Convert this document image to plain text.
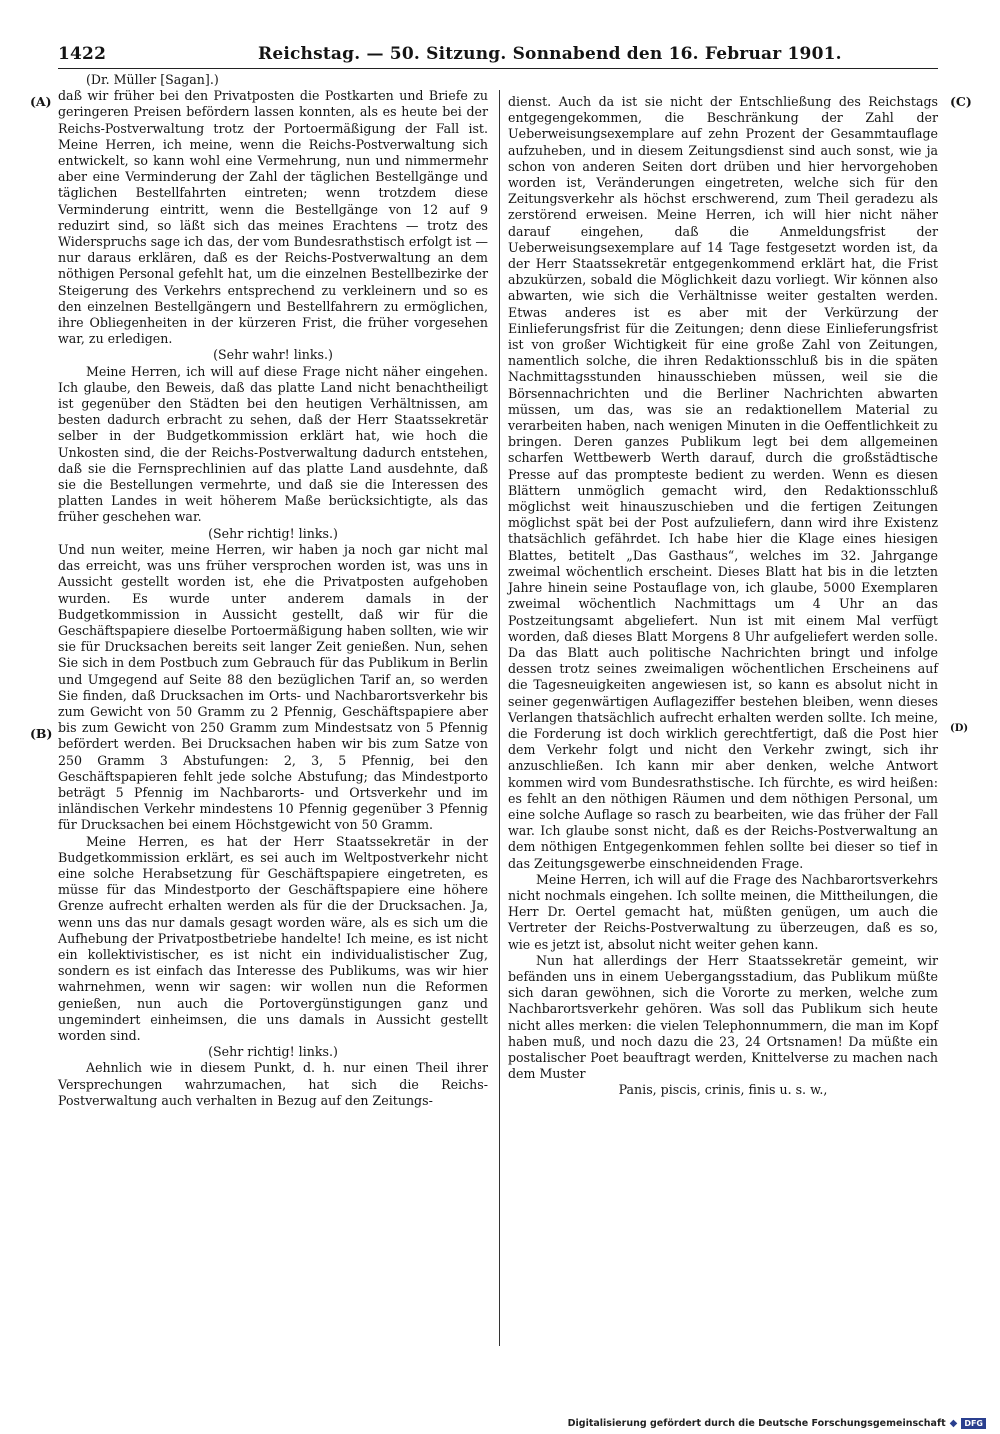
1422	Reichstag. — 50. Sitzung. Sonnabend den 16. Februar 1901.
(A)
(B)
(C)
(D)

(Dr. Müller [Sagan].)

daß wir früher bei den Privatposten die Postkarten und Briefe zu geringeren Preisen befördern lassen konnten, als es heute bei der Reichs-Postverwaltung trotz der Portoermäßigung der Fall ist. Meine Herren, ich meine, wenn die Reichs-Postverwaltung sich entwickelt, so kann wohl eine Vermehrung, nun und nimmermehr aber eine Verminderung der Zahl der täglichen Bestellgänge und täglichen Bestellfahrten eintreten; wenn trotzdem diese Verminderung eintritt, wenn die Bestellgänge von 12 auf 9 reduzirt sind, so läßt sich das meines Erachtens — trotz des Widerspruchs sage ich das, der vom Bundesrathstisch erfolgt ist — nur daraus erklären, daß es der Reichs-Postverwaltung an dem nöthigen Personal gefehlt hat, um die einzelnen Bestellbezirke der Steigerung des Verkehrs entsprechend zu verkleinern und so es den einzelnen Bestellgängern und Bestellfahrern zu ermöglichen, ihre Obliegenheiten in der kürzeren Frist, die früher vorgesehen war, zu erledigen.

(Sehr wahr! links.)

Meine Herren, ich will auf diese Frage nicht näher eingehen. Ich glaube, den Beweis, daß das platte Land nicht benachtheiligt ist gegenüber den Städten bei den heutigen Verhältnissen, am besten dadurch erbracht zu sehen, daß der Herr Staatssekretär selber in der Budgetkommission erklärt hat, wie hoch die Unkosten sind, die der Reichs-Postverwaltung dadurch entstehen, daß sie die Fernsprechlinien auf das platte Land ausdehnte, daß sie die Bestellungen vermehrte, und daß sie die Interessen des platten Landes in weit höherem Maße berücksichtigte, als das früher geschehen war.

(Sehr richtig! links.)

Und nun weiter, meine Herren, wir haben ja noch gar nicht mal das erreicht, was uns früher versprochen worden ist, was uns in Aussicht gestellt worden ist, ehe die Privatposten aufgehoben wurden. Es wurde unter anderem damals in der Budgetkommission in Aussicht gestellt, daß wir für die Geschäftspapiere dieselbe Portoermäßigung haben sollten, wie wir sie für Drucksachen bereits seit langer Zeit genießen. Nun, sehen Sie sich in dem Postbuch zum Gebrauch für das Publikum in Berlin und Umgegend auf Seite 88 den bezüglichen Tarif an, so werden Sie finden, daß Drucksachen im Orts- und Nachbarortsverkehr bis zum Gewicht von 50 Gramm zu 2 Pfennig, Geschäftspapiere aber bis zum Gewicht von 250 Gramm zum Mindestsatz von 5 Pfennig befördert werden. Bei Drucksachen haben wir bis zum Satze von 250 Gramm 3 Abstufungen: 2, 3, 5 Pfennig, bei den Geschäftspapieren fehlt jede solche Abstufung; das Mindestporto beträgt 5 Pfennig im Nachbarorts- und Ortsverkehr und im inländischen Verkehr mindestens 10 Pfennig gegenüber 3 Pfennig für Drucksachen bei einem Höchstgewicht von 50 Gramm.

Meine Herren, es hat der Herr Staatssekretär in der Budgetkommission erklärt, es sei auch im Weltpostverkehr nicht eine solche Herabsetzung für Geschäftspapiere eingetreten, es müsse für das Mindestporto der Geschäftspapiere eine höhere Grenze aufrecht erhalten werden als für die der Drucksachen. Ja, wenn uns das nur damals gesagt worden wäre, als es sich um die Aufhebung der Privatpostbetriebe handelte! Ich meine, es ist nicht ein kollektivistischer, es ist nicht ein individualistischer Zug, sondern es ist einfach das Interesse des Publikums, was wir hier wahrnehmen, wenn wir sagen: wir wollen nun die Reformen genießen, nun auch die Portovergünstigungen ganz und ungemindert einheimsen, die uns damals in Aussicht gestellt worden sind.

(Sehr richtig! links.)

Aehnlich wie in diesem Punkt, d. h. nur einen Theil ihrer Versprechungen wahrzumachen, hat sich die Reichs-Postverwaltung auch verhalten in Bezug auf den Zeitungs-

dienst. Auch da ist sie nicht der Entschließung des Reichstags entgegengekommen, die Beschränkung der Zahl der Ueberweisungsexemplare auf zehn Prozent der Gesammtauflage aufzuheben, und in diesem Zeitungsdienst sind auch sonst, wie ja schon von anderen Seiten dort drüben und hier hervorgehoben worden ist, Veränderungen eingetreten, welche sich für den Zeitungsverkehr als höchst erschwerend, zum Theil geradezu als zerstörend erweisen. Meine Herren, ich will hier nicht näher darauf eingehen, daß die Anmeldungsfrist der Ueberweisungsexemplare auf 14 Tage festgesetzt worden ist, da der Herr Staatssekretär entgegenkommend erklärt hat, die Frist abzukürzen, sobald die Möglichkeit dazu vorliegt. Wir können also abwarten, wie sich die Verhältnisse weiter gestalten werden. Etwas anderes ist es aber mit der Verkürzung der Einlieferungsfrist für die Zeitungen; denn diese Einlieferungsfrist ist von großer Wichtigkeit für eine große Zahl von Zeitungen, namentlich solche, die ihren Redaktionsschluß bis in die späten Nachmittagsstunden hinausschieben müssen, weil sie die Börsennachrichten und die Berliner Nachrichten abwarten müssen, um das, was sie an redaktionellem Material zu verarbeiten haben, nach wenigen Minuten in die Oeffentlichkeit zu bringen. Deren ganzes Publikum legt bei dem allgemeinen scharfen Wettbewerb Werth darauf, durch die großstädtische Presse auf das prompteste bedient zu werden. Wenn es diesen Blättern unmöglich gemacht wird, den Redaktionsschluß möglichst weit hinauszuschieben und die fertigen Zeitungen möglichst spät bei der Post aufzuliefern, dann wird ihre Existenz thatsächlich gefährdet. Ich habe hier die Klage eines hiesigen Blattes, betitelt „Das Gasthaus“, welches im 32. Jahrgange zweimal wöchentlich erscheint. Dieses Blatt hat bis in die letzten Jahre hinein seine Postauflage von, ich glaube, 5000 Exemplaren zweimal wöchentlich Nachmittags um 4 Uhr an das Postzeitungsamt abgeliefert. Nun ist mit einem Mal verfügt worden, daß dieses Blatt Morgens 8 Uhr aufgeliefert werden solle. Da das Blatt auch politische Nachrichten bringt und infolge dessen trotz seines zweimaligen wöchentlichen Erscheinens auf die Tagesneuigkeiten angewiesen ist, so kann es absolut nicht in seiner gegenwärtigen Auflageziffer bestehen bleiben, wenn dieses Verlangen thatsächlich aufrecht erhalten werden sollte. Ich meine, die Forderung ist doch wirklich gerechtfertigt, daß die Post hier dem Verkehr folgt und nicht den Verkehr zwingt, sich ihr anzuschließen. Ich kann mir aber denken, welche Antwort kommen wird vom Bundesrathstische. Ich fürchte, es wird heißen: es fehlt an den nöthigen Räumen und dem nöthigen Personal, um eine solche Auflage so rasch zu bearbeiten, wie das früher der Fall war. Ich glaube sonst nicht, daß es der Reichs-Postverwaltung an dem nöthigen Entgegenkommen fehlen sollte bei dieser so tief in das Zeitungsgewerbe einschneidenden Frage.

Meine Herren, ich will auf die Frage des Nachbarortsverkehrs nicht nochmals eingehen. Ich sollte meinen, die Mittheilungen, die Herr Dr. Oertel gemacht hat, müßten genügen, um auch die Vertreter der Reichs-Postverwaltung zu überzeugen, daß es so, wie es jetzt ist, absolut nicht weiter gehen kann.

Nun hat allerdings der Herr Staatssekretär gemeint, wir befänden uns in einem Uebergangsstadium, das Publikum müßte sich daran gewöhnen, sich die Vororte zu merken, welche zum Nachbarortsverkehr gehören. Was soll das Publikum sich heute nicht alles merken: die vielen Telephonnummern, die man im Kopf haben muß, und noch dazu die 23, 24 Ortsnamen! Da müßte ein postalischer Poet beauftragt werden, Knittelverse zu machen nach dem Muster

Panis, piscis, crinis, finis u. s. w.,

Digitalisierung gefördert durch die Deutsche Forschungsgemeinschaft ◆ DFG
